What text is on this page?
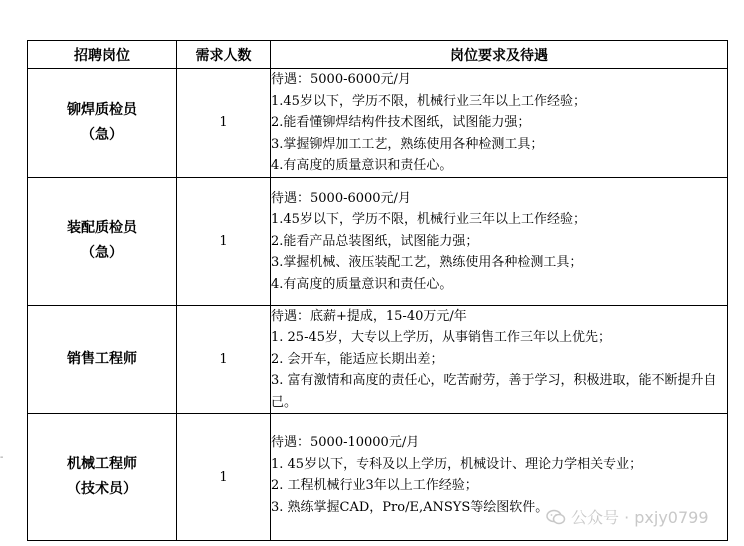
招聘岗位	需求人数	岗位要求及待遇
铆焊质检员
（急）	1	待遇：5000-6000元/月
1.45岁以下，学历不限，机械行业三年以上工作经验；
2.能看懂铆焊结构件技术图纸，试图能力强；
3.掌握铆焊加工工艺，熟练使用各种检测工具；
4.有高度的质量意识和责任心。

装配质检员
（急）	1	待遇：5000-6000元/月
1.45岁以下，学历不限，机械行业三年以上工作经验；
2.能看产品总装图纸，试图能力强；
3.掌握机械、液压装配工艺，熟练使用各种检测工具；
4.有高度的质量意识和责任心。

销售工程师	1	待遇：底薪+提成，15-40万元/年
1. 25-45岁，大专以上学历，从事销售工作三年以上优先；
2. 会开车，能适应长期出差；
3. 富有激情和高度的责任心，吃苦耐劳，善于学习，积极进取，能不断提升自己。

机械工程师
（技术员）	1	待遇：5000-10000元/月
1. 45岁以下，专科及以上学历，机械设计、理论力学相关专业；
2. 工程机械行业3年以上工作经验；
3. 熟练掌握CAD，Pro/E,ANSYS等绘图软件。
-
公众号 · pxjy0799
